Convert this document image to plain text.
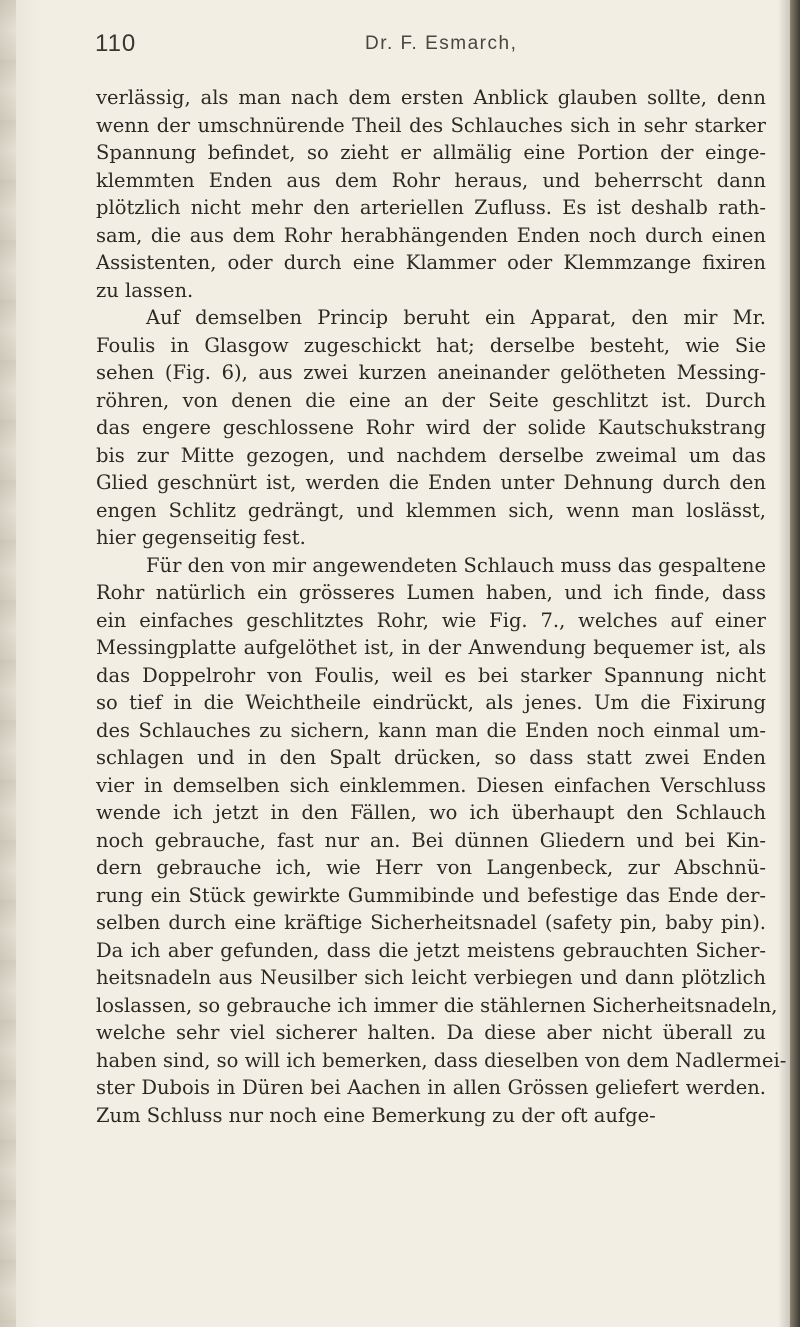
110	Dr. F. Esmarch,
verlässig, als man nach dem ersten Anblick glauben sollte, denn
wenn der umschnürende Theil des Schlauches sich in sehr starker
Spannung befindet, so zieht er allmälig eine Portion der einge-
klemmten Enden aus dem Rohr heraus, und beherrscht dann
plötzlich nicht mehr den arteriellen Zufluss. Es ist deshalb rath-
sam, die aus dem Rohr herabhängenden Enden noch durch einen
Assistenten, oder durch eine Klammer oder Klemmzange fixiren
zu lassen.
Auf demselben Princip beruht ein Apparat, den mir Mr.
Foulis in Glasgow zugeschickt hat; derselbe besteht, wie Sie
sehen (Fig. 6), aus zwei kurzen aneinander gelötheten Messing-
röhren, von denen die eine an der Seite geschlitzt ist. Durch
das engere geschlossene Rohr wird der solide Kautschukstrang
bis zur Mitte gezogen, und nachdem derselbe zweimal um das
Glied geschnürt ist, werden die Enden unter Dehnung durch den
engen Schlitz gedrängt, und klemmen sich, wenn man loslässt,
hier gegenseitig fest.
Für den von mir angewendeten Schlauch muss das gespaltene
Rohr natürlich ein grösseres Lumen haben, und ich finde, dass
ein einfaches geschlitztes Rohr, wie Fig. 7., welches auf einer
Messingplatte aufgelöthet ist, in der Anwendung bequemer ist, als
das Doppelrohr von Foulis, weil es bei starker Spannung nicht
so tief in die Weichtheile eindrückt, als jenes. Um die Fixirung
des Schlauches zu sichern, kann man die Enden noch einmal um-
schlagen und in den Spalt drücken, so dass statt zwei Enden
vier in demselben sich einklemmen. Diesen einfachen Verschluss
wende ich jetzt in den Fällen, wo ich überhaupt den Schlauch
noch gebrauche, fast nur an. Bei dünnen Gliedern und bei Kin-
dern gebrauche ich, wie Herr von Langenbeck, zur Abschnü-
rung ein Stück gewirkte Gummibinde und befestige das Ende der-
selben durch eine kräftige Sicherheitsnadel (safety pin, baby pin).
Da ich aber gefunden, dass die jetzt meistens gebrauchten Sicher-
heitsnadeln aus Neusilber sich leicht verbiegen und dann plötzlich
loslassen, so gebrauche ich immer die stählernen Sicherheitsnadeln,
welche sehr viel sicherer halten. Da diese aber nicht überall zu
haben sind, so will ich bemerken, dass dieselben von dem Nadlermei-
ster Dubois in Düren bei Aachen in allen Grössen geliefert werden.
Zum Schluss nur noch eine Bemerkung zu der oft aufge-
